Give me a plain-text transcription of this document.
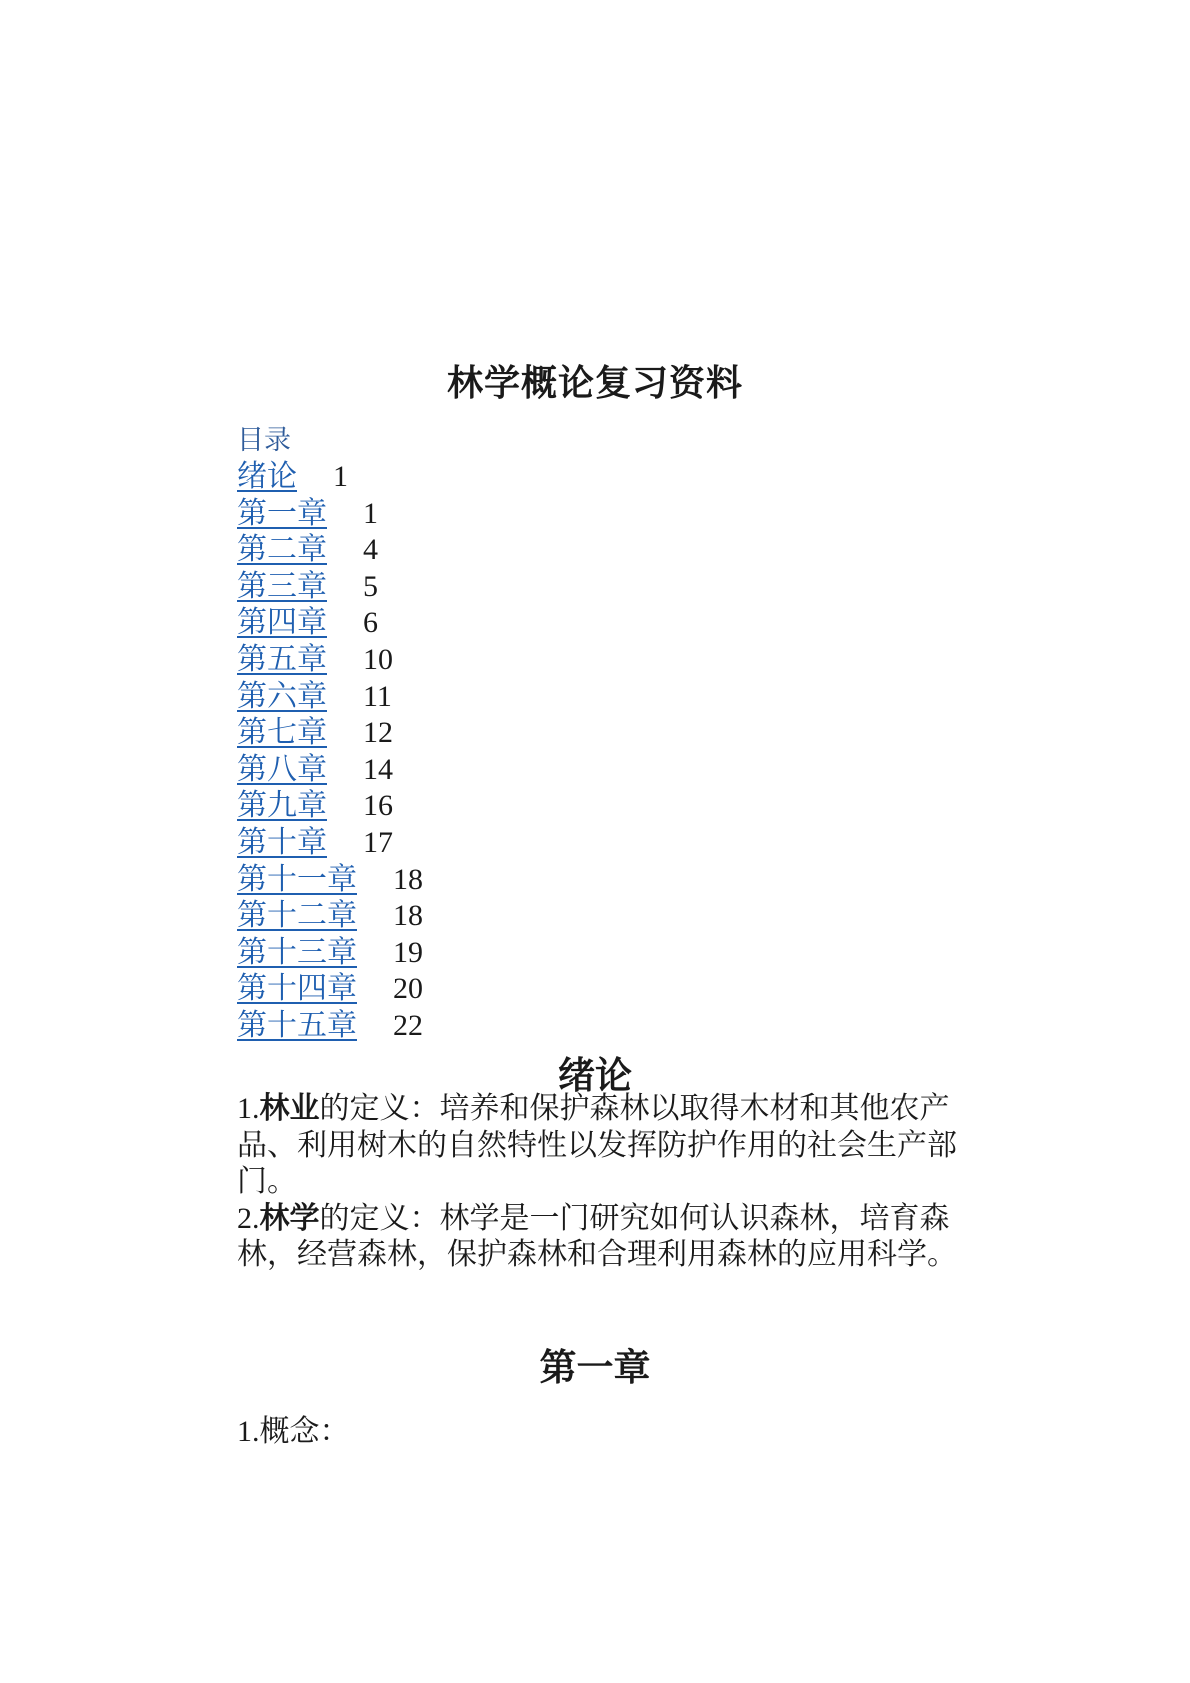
林学概论复习资料
目录
绪论 1
第一章 1
第二章 4
第三章 5
第四章 6
第五章 10
第六章 11
第七章 12
第八章 14
第九章 16
第十章 17
第十一章 18
第十二章 18
第十三章 19
第十四章 20
第十五章 22
绪论

1.林业的定义：培养和保护森林以取得木材和其他农产品、利用树木的自然特性以发挥防护作用的社会生产部门。

2.林学的定义：林学是一门研究如何认识森林，培育森林，经营森林，保护森林和合理利用森林的应用科学。

第一章
1.概念：
